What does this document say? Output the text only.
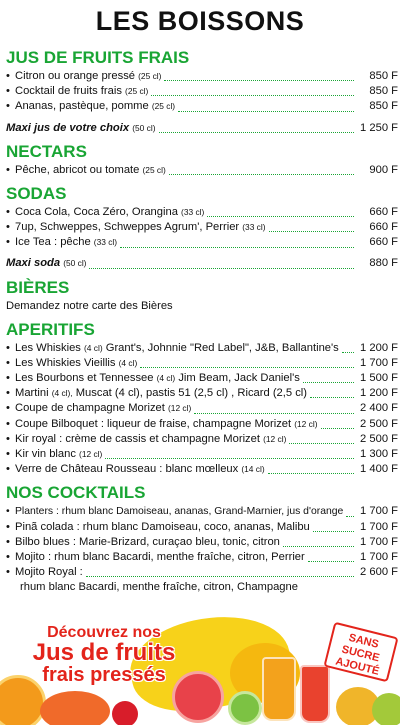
LES BOISSONS
JUS DE FRUITS FRAIS
• Citron ou orange pressé (25 cl)	850 F
• Cocktail de fruits frais (25 cl)	850 F
• Ananas, pastèque, pomme (25 cl)	850 F
Maxi jus de votre choix (50 cl)	1 250 F
NECTARS
• Pêche, abricot ou tomate (25 cl)	900 F
SODAS
• Coca Cola, Coca Zéro, Orangina (33 cl)	660 F
• 7up, Schweppes, Schweppes Agrum', Perrier (33 cl)	660 F
• Ice Tea : pêche (33 cl)	660 F
Maxi soda (50 cl)	880 F
BIÈRES
Demandez notre carte des Bières
APERITIFS
• Les Whiskies (4 cl) Grant's, Johnnie "Red Label", J&B, Ballantine's 1 200 F
• Les Whiskies Vieillis (4 cl)	1 700 F
• Les Bourbons et Tennessee (4 cl) Jim Beam, Jack Daniel's	1 500 F
• Martini (4 cl), Muscat (4 cl), pastis 51 (2,5 cl) , Ricard (2,5 cl)	1 200 F
• Coupe de champagne Morizet (12 cl)	2 400 F
• Coupe Bilboquet : liqueur de fraise, champagne Morizet (12 cl)	2 500 F
• Kir royal : crème de cassis et champagne Morizet (12 cl)	2 500 F
• Kir vin blanc (12 cl)	1 300 F
• Verre de Château Rousseau : blanc mœlleux (14 cl)	1 400 F
NOS COCKTAILS
• Planters : rhum blanc Damoiseau, ananas, Grand-Marnier, jus d'orange 1 700 F
• Pinã colada : rhum blanc Damoiseau, coco, ananas, Malibu	1 700 F
• Bilbo blues : Marie-Brizard, curaçao bleu, tonic, citron	1 700 F
• Mojito : rhum blanc Bacardi, menthe fraîche, citron, Perrier	1 700 F
• Mojito Royal :	2 600 F
rhum blanc Bacardi, menthe fraîche, citron, Champagne
Découvrez nos
Jus de fruits
frais pressés
SANS SUCRE AJOUTÉ
